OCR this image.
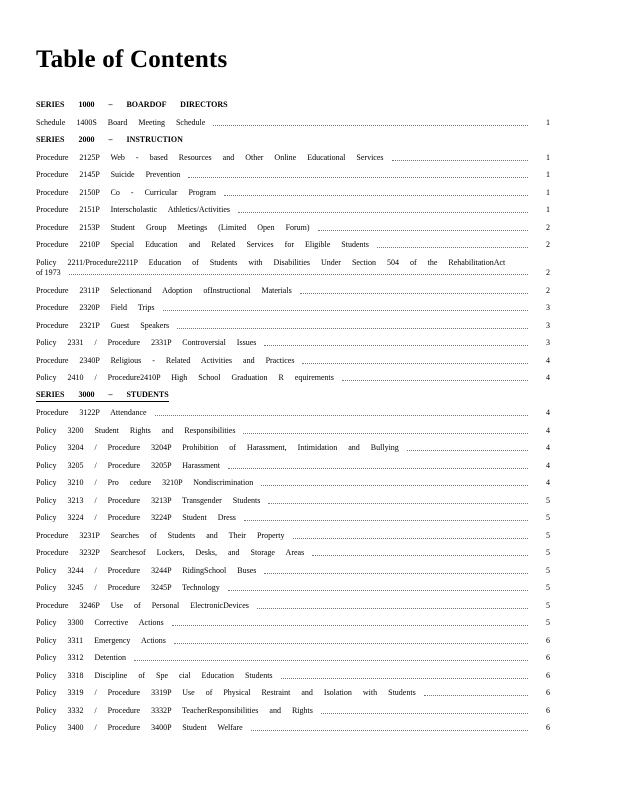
Table of Contents
SERIES 1000 – BOARDOF DIRECTORS
Schedule 1400S Board Meeting Schedule	1
SERIES 2000 – INSTRUCTION
Procedure 2125P Web - based Resources and Other Online Educational Services	1
Procedure 2145P Suicide Prevention	1
Procedure 2150P Co - Curricular Program	1
Procedure 2151P Interscholastic Athletics/Activities	1
Procedure 2153P Student Group Meetings (Limited Open Forum)	2
Procedure 2210P Special Education and Related Services for Eligible Students	2
Policy 2211/Procedure2211P Education of Students with Disabilities Under Section 504 of the RehabilitationAct
of 1973	2
Procedure 2311P Selectionand Adoption ofInstructional Materials	2
Procedure 2320P Field Trips	3
Procedure 2321P Guest Speakers	3
Policy 2331 / Procedure 2331P Controversial Issues	3
Procedure 2340P Religious - Related Activities and Practices	4
Policy 2410 / Procedure2410P High School Graduation R equirements	4
SERIES 3000 – STUDENTS
Procedure 3122P Attendance	4
Policy 3200 Student Rights and Responsibilities	4
Policy 3204 / Procedure 3204P Prohibition of Harassment, Intimidation and Bullying	4
Policy 3205 / Procedure 3205P Harassment	4
Policy 3210 / Pro cedure 3210P Nondiscrimination	4
Policy 3213 / Procedure 3213P Transgender Students	5
Policy 3224 / Procedure 3224P Student Dress	5
Procedure 3231P Searches of Students and Their Property	5
Procedure 3232P Searchesof Lockers, Desks, and Storage Areas	5
Policy 3244 / Procedure 3244P RidingSchool Buses	5
Policy 3245 / Procedure 3245P Technology	5
Procedure 3246P Use of Personal ElectronicDevices	5
Policy 3300 Corrective Actions	5
Policy 3311 Emergency Actions	6
Policy 3312 Detention	6
Policy 3318 Discipline of Spe cial Education Students	6
Policy 3319 / Procedure 3319P Use of Physical Restraint and Isolation with Students	6
Policy 3332 / Procedure 3332P TeacherResponsibilities and Rights	6
Policy 3400 / Procedure 3400P Student Welfare	6
